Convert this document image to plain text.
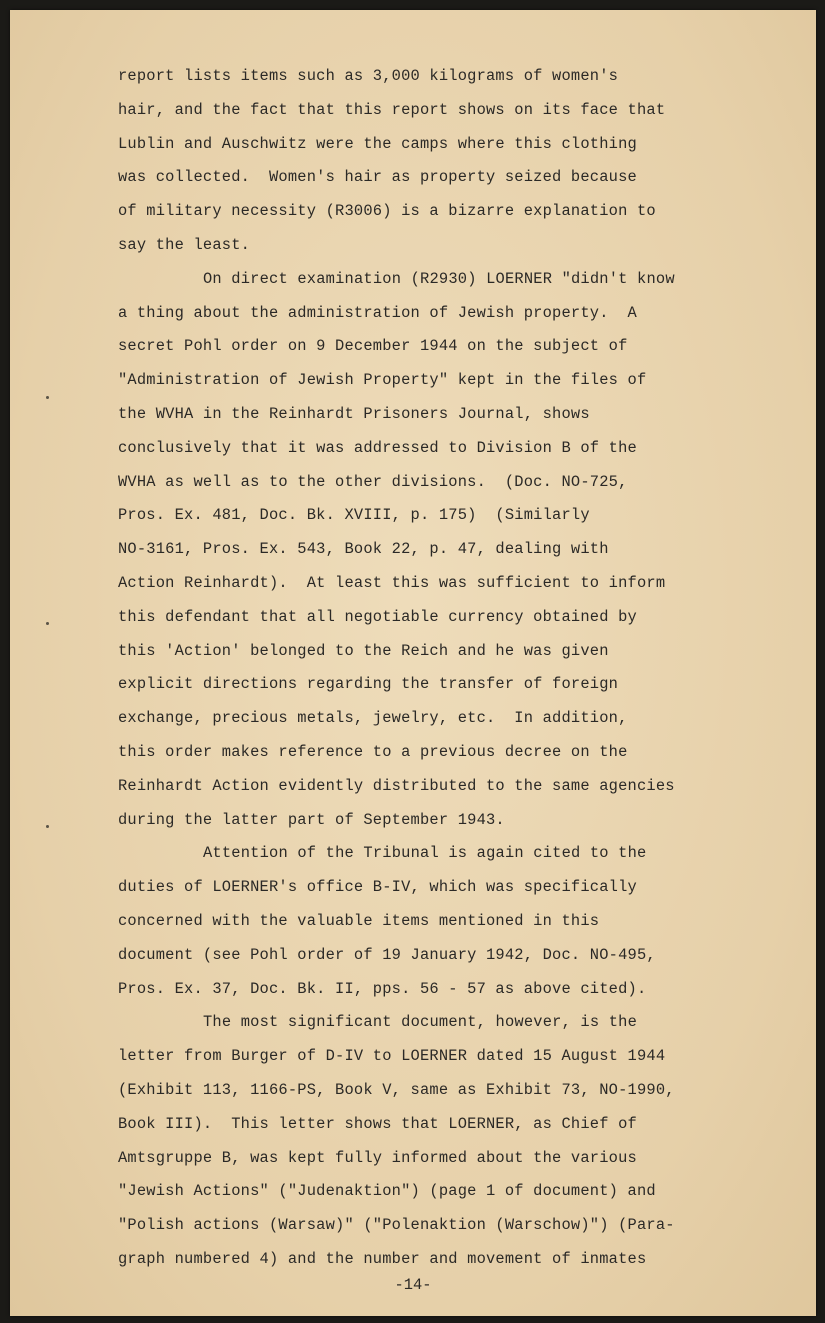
report lists items such as 3,000 kilograms of women's
hair, and the fact that this report shows on its face that
Lublin and Auschwitz were the camps where this clothing
was collected.  Women's hair as property seized because
of military necessity (R3006) is a bizarre explanation to
say the least.
On direct examination (R2930) LOERNER "didn't know
a thing about the administration of Jewish property.  A
secret Pohl order on 9 December 1944 on the subject of
"Administration of Jewish Property" kept in the files of
the WVHA in the Reinhardt Prisoners Journal, shows
conclusively that it was addressed to Division B of the
WVHA as well as to the other divisions.  (Doc. NO-725,
Pros. Ex. 481, Doc. Bk. XVIII, p. 175)  (Similarly
NO-3161, Pros. Ex. 543, Book 22, p. 47, dealing with
Action Reinhardt).  At least this was sufficient to inform
this defendant that all negotiable currency obtained by
this 'Action' belonged to the Reich and he was given
explicit directions regarding the transfer of foreign
exchange, precious metals, jewelry, etc.  In addition,
this order makes reference to a previous decree on the
Reinhardt Action evidently distributed to the same agencies
during the latter part of September 1943.
Attention of the Tribunal is again cited to the
duties of LOERNER's office B-IV, which was specifically
concerned with the valuable items mentioned in this
document (see Pohl order of 19 January 1942, Doc. NO-495,
Pros. Ex. 37, Doc. Bk. II, pps. 56 - 57 as above cited).
The most significant document, however, is the
letter from Burger of D-IV to LOERNER dated 15 August 1944
(Exhibit 113, 1166-PS, Book V, same as Exhibit 73, NO-1990,
Book III).  This letter shows that LOERNER, as Chief of
Amtsgruppe B, was kept fully informed about the various
"Jewish Actions" ("Judenaktion") (page 1 of document) and
"Polish actions (Warsaw)" ("Polenaktion (Warschow)") (Para-
graph numbered 4) and the number and movement of inmates
-14-
